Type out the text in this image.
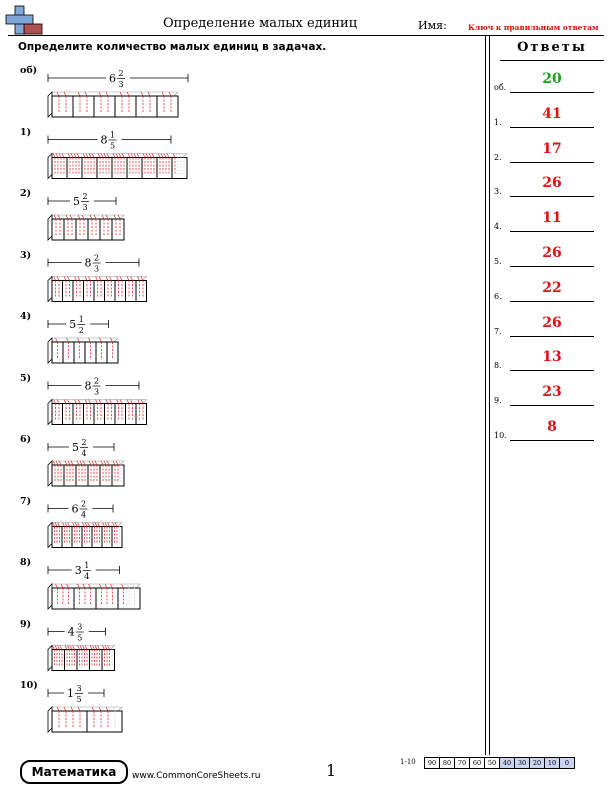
Определение малых единиц	Имя:	Ключ к правильным ответам
Определите количество малых единиц в задачах.
об)
1)
2)
3)
4)
5)
6)
7)
8)
9)
10)
6 2
3
8 1
5
5 2
3
8 2
3
5 1
2
8 2
3
5 2
4
6 2
4
3 1
4
4 3
5
1 3
5
Ответы
об.
20
1.
41
2.
17
3.
26
4.
11
5.
26
6.
22
7.
26
8.
13
9.
23
10.
8
Математика	www.CommonCoreSheets.ru	1	1-10 90	80	70	60	50	40	30	20	10	0
